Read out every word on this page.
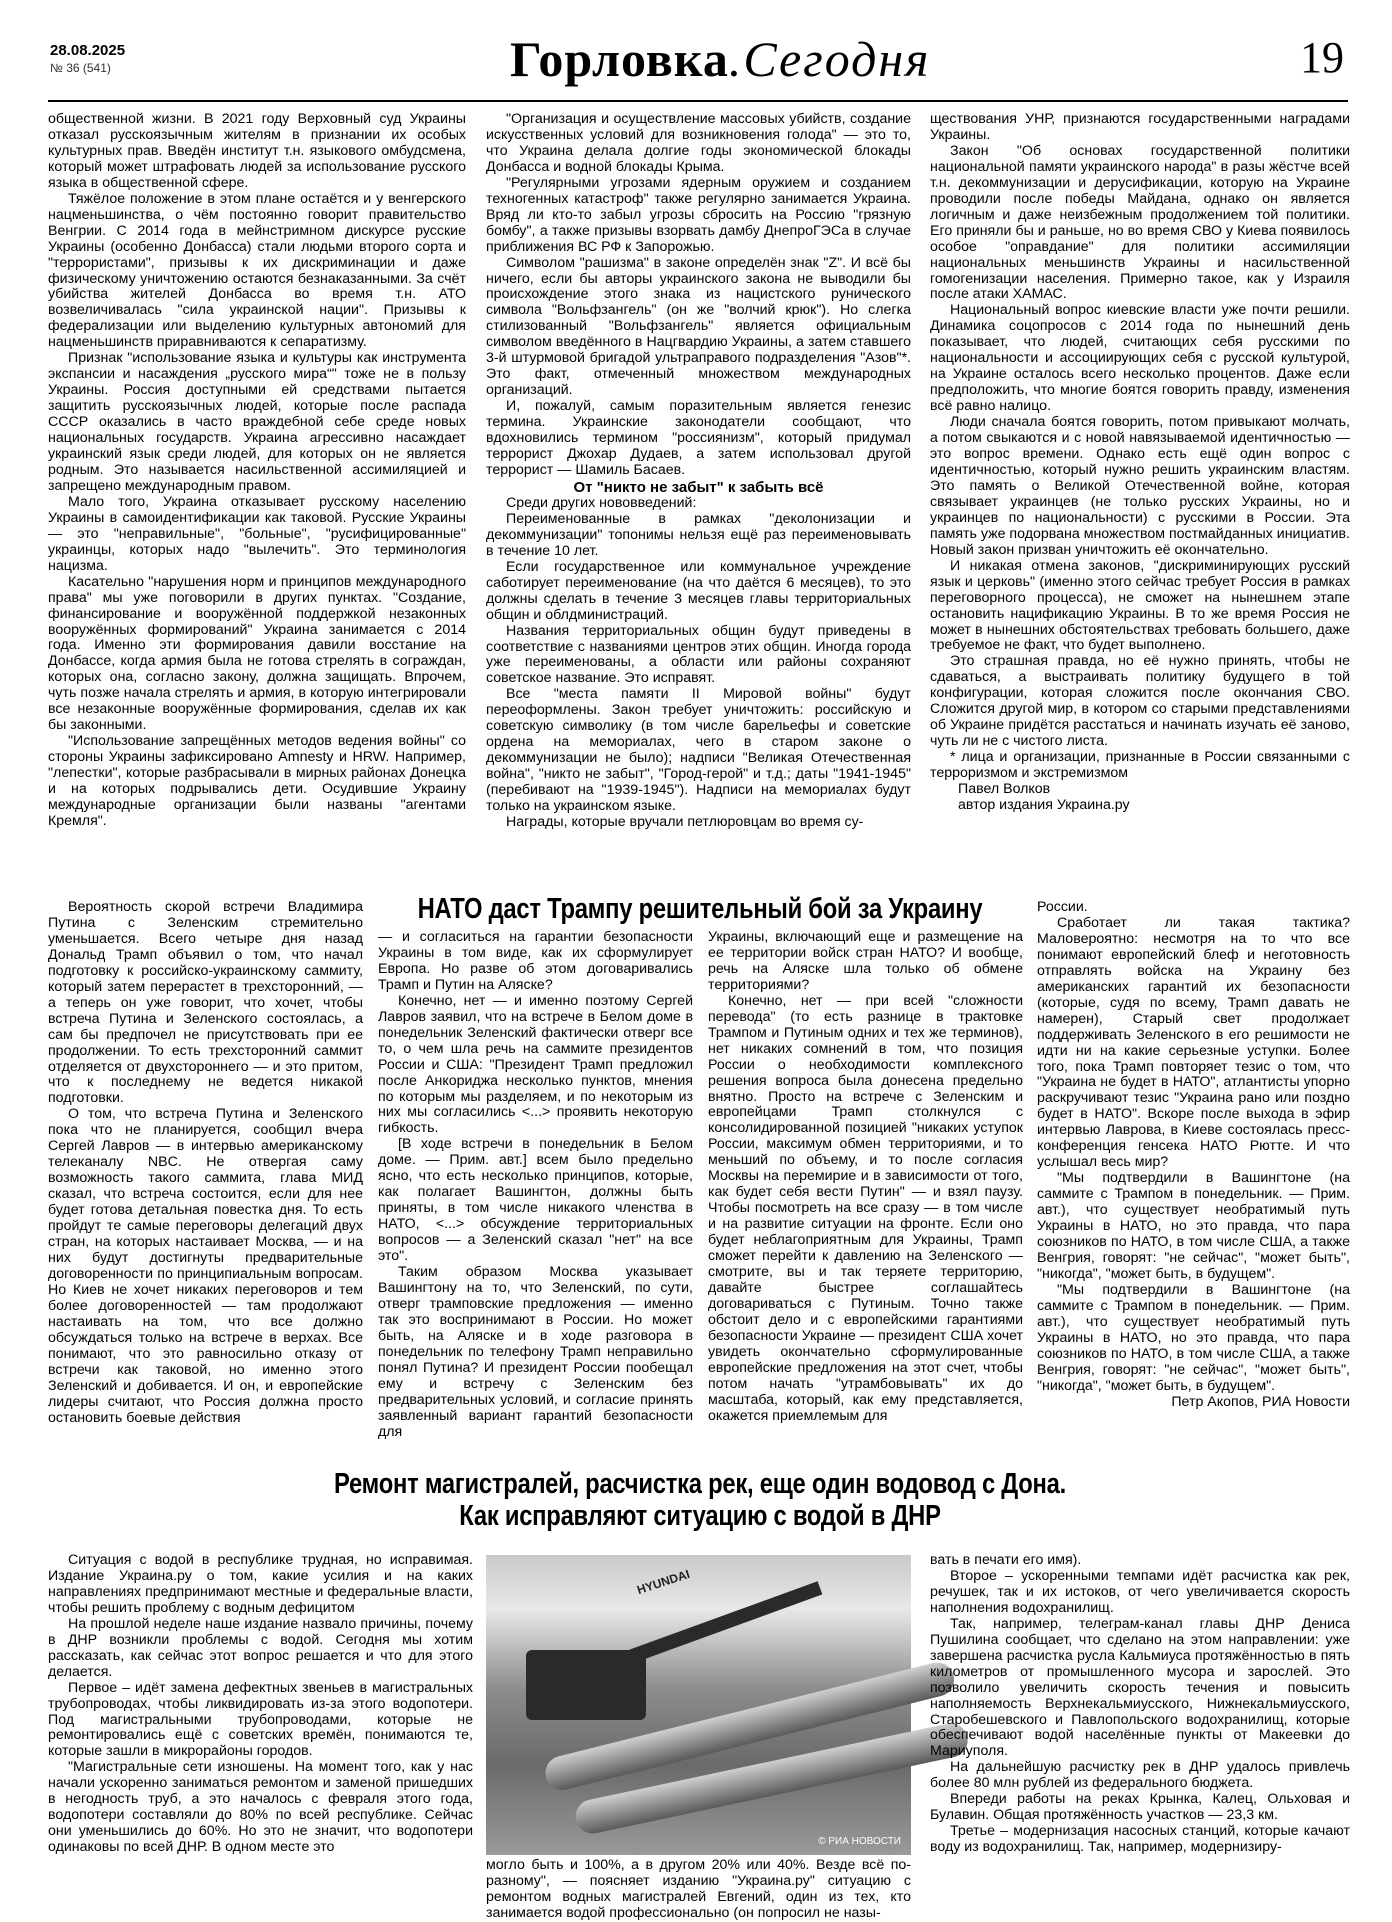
28.08.2025
№ 36 (541)	Горловка.Сегодня	19

общественной жизни. В 2021 году Верховный суд Украины отказал русскоязычным жителям в признании их особых культурных прав. Введён институт т.н. языкового омбудсмена, который может штрафовать людей за использование русского языка в общественной сфере.

Тяжёлое положение в этом плане остаётся и у венгерского нацменьшинства, о чём постоянно говорит правительство Венгрии. С 2014 года в мейнстримном дискурсе русские Украины (особенно Донбасса) стали людьми второго сорта и "террористами", призывы к их дискриминации и даже физическому уничтожению остаются безнаказанными. За счёт убийства жителей Донбасса во время т.н. АТО возвеличивалась "сила украинской нации". Призывы к федерализации или выделению культурных автономий для нацменьшинств приравниваются к сепаратизму.

Признак "использование языка и культуры как инструмента экспансии и насаждения „русского мира“" тоже не в пользу Украины. Россия доступными ей средствами пытается защитить русскоязычных людей, которые после распада СССР оказались в часто враждебной себе среде новых национальных государств. Украина агрессивно насаждает украинский язык среди людей, для которых он не является родным. Это называется насильственной ассимиляцией и запрещено международным правом.

Мало того, Украина отказывает русскому населению Украины в самоидентификации как таковой. Русские Украины — это "неправильные", "больные", "русифицированные" украинцы, которых надо "вылечить". Это терминология нацизма.

Касательно "нарушения норм и принципов международного права" мы уже поговорили в других пунктах. "Создание, финансирование и вооружённой поддержкой незаконных вооружённых формирований" Украина занимается с 2014 года. Именно эти формирования давили восстание на Донбассе, когда армия была не готова стрелять в сограждан, которых она, согласно закону, должна защищать. Впрочем, чуть позже начала стрелять и армия, в которую интегрировали все незаконные вооружённые формирования, сделав их как бы законными.

"Использование запрещённых методов ведения войны" со стороны Украины зафиксировано Amnesty и HRW. Например, "лепестки", которые разбрасывали в мирных районах Донецка и на которых подрывались дети. Осудившие Украину международные организации были названы "агентами Кремля".

"Организация и осуществление массовых убийств, создание искусственных условий для возникновения голода" — это то, что Украина делала долгие годы экономической блокады Донбасса и водной блокады Крыма.

"Регулярными угрозами ядерным оружием и созданием техногенных катастроф" также регулярно занимается Украина. Вряд ли кто-то забыл угрозы сбросить на Россию "грязную бомбу", а также призывы взорвать дамбу ДнепроГЭСа в случае приближения ВС РФ к Запорожью.

Символом "рашизма" в законе определён знак "Z". И всё бы ничего, если бы авторы украинского закона не выводили бы происхождение этого знака из нацистского рунического символа "Вольфзангель" (он же "волчий крюк"). Но слегка стилизованный "Вольфзангель" является официальным символом введённого в Нацгвардию Украины, а затем ставшего 3-й штурмовой бригадой ультраправого подразделения "Азов"*. Это факт, отмеченный множеством международных организаций.

И, пожалуй, самым поразительным является генезис термина. Украинские законодатели сообщают, что вдохновились термином "россиянизм", который придумал террорист Джохар Дудаев, а затем использовал другой террорист — Шамиль Басаев.

От "никто не забыт" к забыть всё

Среди других нововведений:

Переименованные в рамках "деколонизации и декоммунизации" топонимы нельзя ещё раз переименовывать в течение 10 лет.

Если государственное или коммунальное учреждение саботирует переименование (на что даётся 6 месяцев), то это должны сделать в течение 3 месяцев главы территориальных общин и облдминистраций.

Названия территориальных общин будут приведены в соответствие с названиями центров этих общин. Иногда города уже переименованы, а области или районы сохраняют советское название. Это исправят.

Все "места памяти II Мировой войны" будут переоформлены. Закон требует уничтожить: российскую и советскую символику (в том числе барельефы и советские ордена на мемориалах, чего в старом законе о декоммунизации не было); надписи "Великая Отечественная война", "никто не забыт", "Город-герой" и т.д.; даты "1941-1945" (перебивают на "1939-1945"). Надписи на мемориалах будут только на украинском языке.

Награды, которые вручали петлюровцам во время су-

ществования УНР, признаются государственными наградами Украины.

Закон "Об основах государственной политики национальной памяти украинского народа" в разы жёстче всей т.н. декоммунизации и дерусификации, которую на Украине проводили после победы Майдана, однако он является логичным и даже неизбежным продолжением той политики. Его приняли бы и раньше, но во время СВО у Киева появилось особое "оправдание" для политики ассимиляции национальных меньшинств Украины и насильственной гомогенизации населения. Примерно такое, как у Израиля после атаки ХАМАС.

Национальный вопрос киевские власти уже почти решили. Динамика соцопросов с 2014 года по нынешний день показывает, что людей, считающих себя русскими по национальности и ассоциирующих себя с русской культурой, на Украине осталось всего несколько процентов. Даже если предположить, что многие боятся говорить правду, изменения всё равно налицо.

Люди сначала боятся говорить, потом привыкают молчать, а потом свыкаются и с новой навязываемой идентичностью — это вопрос времени. Однако есть ещё один вопрос с идентичностью, который нужно решить украинским властям. Это память о Великой Отечественной войне, которая связывает украинцев (не только русских Украины, но и украинцев по национальности) с русскими в России. Эта память уже подорвана множеством постмайданных инициатив. Новый закон призван уничтожить её окончательно.

И никакая отмена законов, "дискриминирующих русский язык и церковь" (именно этого сейчас требует Россия в рамках переговорного процесса), не сможет на нынешнем этапе остановить нацификацию Украины. В то же время Россия не может в нынешних обстоятельствах требовать большего, даже требуемое не факт, что будет выполнено.

Это страшная правда, но её нужно принять, чтобы не сдаваться, а выстраивать политику будущего в той конфигурации, которая сложится после окончания СВО. Сложится другой мир, в котором со старыми представлениями об Украине придётся расстаться и начинать изучать её заново, чуть ли не с чистого листа.

* лица и организации, признанные в России связанными с терроризмом и экстремизмом

Павел Волков

автор издания Украина.ру

НАТО даст Трампу решительный бой за Украину

Вероятность скорой встречи Владимира Путина с Зеленским стремительно уменьшается. Всего четыре дня назад Дональд Трамп объявил о том, что начал подготовку к российско-украинскому саммиту, который затем перерастет в трехсторонний, — а теперь он уже говорит, что хочет, чтобы встреча Путина и Зеленского состоялась, а сам бы предпочел не присутствовать при ее продолжении. То есть трехсторонний саммит отделяется от двухстороннего — и это притом, что к последнему не ведется никакой подготовки.

О том, что встреча Путина и Зеленского пока что не планируется, сообщил вчера Сергей Лавров — в интервью американскому телеканалу NBC. Не отвергая саму возможность такого саммита, глава МИД сказал, что встреча состоится, если для нее будет готова детальная повестка дня. То есть пройдут те самые переговоры делегаций двух стран, на которых настаивает Москва, — и на них будут достигнуты предварительные договоренности по принципиальным вопросам. Но Киев не хочет никаких переговоров и тем более договоренностей — там продолжают настаивать на том, что все должно обсуждаться только на встрече в верхах. Все понимают, что это равносильно отказу от встречи как таковой, но именно этого Зеленский и добивается. И он, и европейские лидеры считают, что Россия должна просто остановить боевые действия

— и согласиться на гарантии безопасности Украины в том виде, как их сформулирует Европа. Но разве об этом договаривались Трамп и Путин на Аляске?

Конечно, нет — и именно поэтому Сергей Лавров заявил, что на встрече в Белом доме в понедельник Зеленский фактически отверг все то, о чем шла речь на саммите президентов России и США: "Президент Трамп предложил после Анкориджа несколько пунктов, мнения по которым мы разделяем, и по некоторым из них мы согласились <...> проявить некоторую гибкость.

[В ходе встречи в понедельник в Белом доме. — Прим. авт.] всем было предельно ясно, что есть несколько принципов, которые, как полагает Вашингтон, должны быть приняты, в том числе никакого членства в НАТО, <...> обсуждение территориальных вопросов — а Зеленский сказал "нет" на все это".

Таким образом Москва указывает Вашингтону на то, что Зеленский, по сути, отверг трамповские предложения — именно так это воспринимают в России. Но может быть, на Аляске и в ходе разговора в понедельник по телефону Трамп неправильно понял Путина? И президент России пообещал ему и встречу с Зеленским без предварительных условий, и согласие принять заявленный вариант гарантий безопасности для

Украины, включающий еще и размещение на ее территории войск стран НАТО? И вообще, речь на Аляске шла только об обмене территориями?

Конечно, нет — при всей "сложности перевода" (то есть разнице в трактовке Трампом и Путиным одних и тех же терминов), нет никаких сомнений в том, что позиция России о необходимости комплексного решения вопроса была донесена предельно внятно. Просто на встрече с Зеленским и европейцами Трамп столкнулся с консолидированной позицией "никаких уступок России, максимум обмен территориями, и то меньший по объему, и то после согласия Москвы на перемирие и в зависимости от того, как будет себя вести Путин" — и взял паузу. Чтобы посмотреть на все сразу — в том числе и на развитие ситуации на фронте. Если оно будет неблагоприятным для Украины, Трамп сможет перейти к давлению на Зеленского — смотрите, вы и так теряете территорию, давайте быстрее соглашайтесь договариваться с Путиным. Точно также обстоит дело и с европейскими гарантиями безопасности Украине — президент США хочет увидеть окончательно сформулированные европейские предложения на этот счет, чтобы потом начать "утрамбовывать" их до масштаба, который, как ему представляется, окажется приемлемым для

России.

Сработает ли такая тактика? Маловероятно: несмотря на то что все понимают европейский блеф и неготовность отправлять войска на Украину без американских гарантий их безопасности (которые, судя по всему, Трамп давать не намерен), Старый свет продолжает поддерживать Зеленского в его решимости не идти ни на какие серьезные уступки. Более того, пока Трамп повторяет тезис о том, что "Украина не будет в НАТО", атлантисты упорно раскручивают тезис "Украина рано или поздно будет в НАТО". Вскоре после выхода в эфир интервью Лаврова, в Киеве состоялась пресс-конференция генсека НАТО Рютте. И что услышал весь мир?

"Мы подтвердили в Вашингтоне (на саммите с Трампом в понедельник. — Прим. авт.), что существует необратимый путь Украины в НАТО, но это правда, что пара союзников по НАТО, в том числе США, а также Венгрия, говорят: "не сейчас", "может быть", "никогда", "может быть, в будущем".

"Мы подтвердили в Вашингтоне (на саммите с Трампом в понедельник. — Прим. авт.), что существует необратимый путь Украины в НАТО, но это правда, что пара союзников по НАТО, в том числе США, а также Венгрия, говорят: "не сейчас", "может быть", "никогда", "может быть, в будущем".

Петр Акопов, РИА Новости

Ремонт магистралей, расчистка рек, еще один водовод с Дона.
Как исправляют ситуацию с водой в ДНР

Ситуация с водой в республике трудная, но исправимая. Издание Украина.ру о том, какие усилия и на каких направлениях предпринимают местные и федеральные власти, чтобы решить проблему с водным дефицитом

На прошлой неделе наше издание назвало причины, почему в ДНР возникли проблемы с водой. Сегодня мы хотим рассказать, как сейчас этот вопрос решается и что для этого делается.

Первое – идёт замена дефектных звеньев в магистральных трубопроводах, чтобы ликвидировать из-за этого водопотери. Под магистральными трубопроводами, которые не ремонтировались ещё с советских времён, понимаются те, которые зашли в микрорайоны городов.

"Магистральные сети изношены. На момент того, как у нас начали ускоренно заниматься ремонтом и заменой пришедших в негодность труб, а это началось с февраля этого года, водопотери составляли до 80% по всей республике. Сейчас они уменьшились до 60%. Но это не значит, что водопотери одинаковы по всей ДНР. В одном месте это

HYUNDAI
© РИА НОВОСТИ

могло быть и 100%, а в другом 20% или 40%. Везде всё по-разному", — поясняет изданию "Украина.ру" ситуацию с ремонтом водных магистралей Евгений, один из тех, кто занимается водой профессионально (он попросил не назы-

вать в печати его имя).

Второе – ускоренными темпами идёт расчистка как рек, речушек, так и их истоков, от чего увеличивается скорость наполнения водохранилищ.

Так, например, телеграм-канал главы ДНР Дениса Пушилина сообщает, что сделано на этом направлении: уже завершена расчистка русла Кальмиуса протяжённостью в пять километров от промышленного мусора и зарослей. Это позволило увеличить скорость течения и повысить наполняемость Верхнекальмиусского, Нижнекальмиусского, Старобешевского и Павлопольского водохранилищ, которые обеспечивают водой населённые пункты от Макеевки до Мариуполя.

На дальнейшую расчистку рек в ДНР удалось привлечь более 80 млн рублей из федерального бюджета.

Впереди работы на реках Крынка, Калец, Ольховая и Булавин. Общая протяжённость участков — 23,3 км.

Третье – модернизация насосных станций, которые качают воду из водохранилищ. Так, например, модернизиру-
